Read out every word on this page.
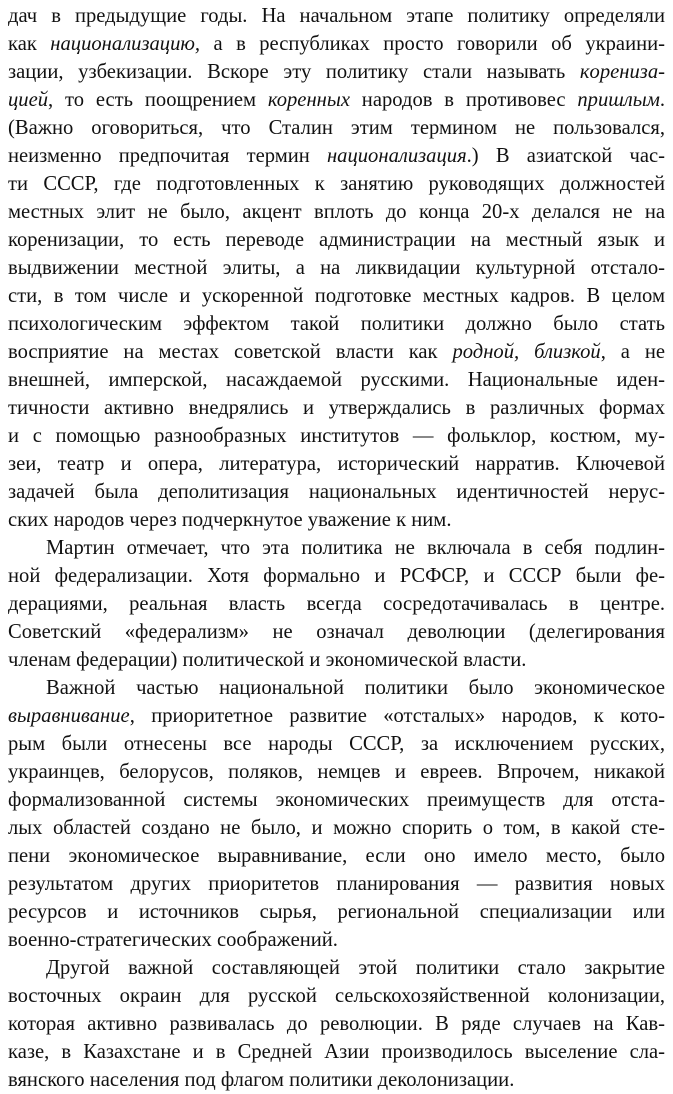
дач в предыдущие годы. На начальном этапе политику определяли
как национализацию, а в республиках просто говорили об украини-
зации, узбекизации. Вскоре эту политику стали называть кoрениза-
цией, то есть поощрением коренных народов в противовес пришлым.
(Важно оговориться, что Сталин этим термином не пользовался,
неизменно предпочитая термин национализация.) В азиатской час-
ти СССР, где подготовленных к занятию руководящих должностей
местных элит не было, акцент вплоть до конца 20-х делался не на
коренизации, то есть переводе администрации на местный язык и
выдвижении местной элиты, а на ликвидации культурной отстало-
сти, в том числе и ускоренной подготовке местных кадров. В целом
психологическим эффектом такой политики должно было стать
восприятие на местах советской власти как родной, близкой, а не
внешней, имперской, насаждаемой русскими. Национальные иден-
тичности активно внедрялись и утверждались в различных формах
и с помощью разнообразных институтов — фольклор, костюм, му-
зеи, театр и опера, литература, исторический нарратив. Ключевой
задачей была деполитизация национальных идентичностей нерус-
ских народов через подчеркнутое уважение к ним.
Мартин отмечает, что эта политика не включала в себя подлин-
ной федерализации. Хотя формально и РСФСР, и СССР были фе-
дерациями, реальная власть всегда сосредотачивалась в центре.
Советский «федерализм» не означал деволюции (делегирования
членам федерации) политической и экономической власти.
Важной частью национальной политики было экономическое
выравнивание, приоритетное развитие «отсталых» народов, к кото-
рым были отнесены все народы СССР, за исключением русских,
украинцев, белорусов, поляков, немцев и евреев. Впрочем, никакой
формализованной системы экономических преимуществ для отста-
лых областей создано не было, и можно спорить о том, в какой сте-
пени экономическое выравнивание, если оно имело место, было
результатом других приоритетов планирования — развития новых
ресурсов и источников сырья, региональной специализации или
военно-стратегических соображений.
Другой важной составляющей этой политики стало закрытие
восточных окраин для русской сельскохозяйственной колонизации,
которая активно развивалась до революции. В ряде случаев на Кав-
казе, в Казахстане и в Средней Азии производилось выселение сла-
вянского населения под флагом политики деколонизации.
